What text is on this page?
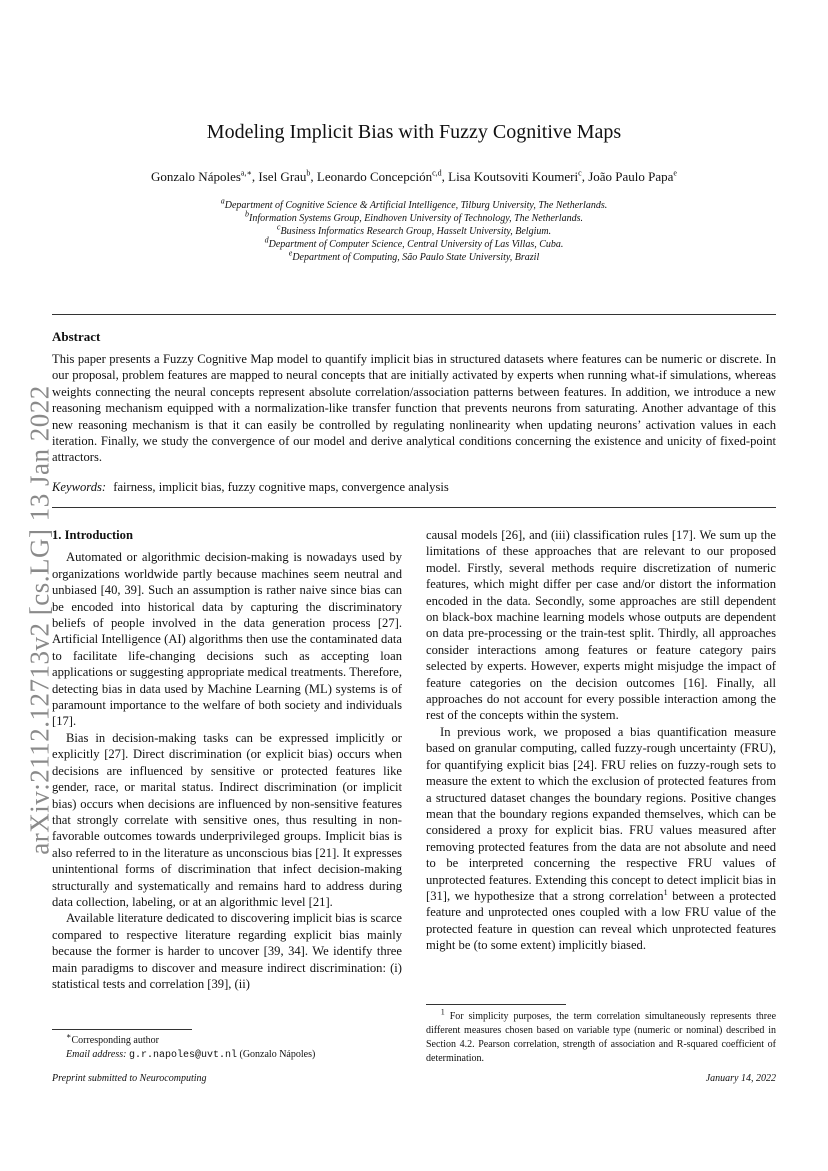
arXiv:2112.12713v2 [cs.LG] 13 Jan 2022
Modeling Implicit Bias with Fuzzy Cognitive Maps
Gonzalo Nápoles$^{a,∗}$, Isel Grau$^b$, Leonardo Concepción$^{c,d}$, Lisa Koutsoviti Koumeri$^c$, João Paulo Papa$^e$
$^a$Department of Cognitive Science & Artificial Intelligence, Tilburg University, The Netherlands.
$^b$Information Systems Group, Eindhoven University of Technology, The Netherlands.
$^c$Business Informatics Research Group, Hasselt University, Belgium.
$^d$Department of Computer Science, Central University of Las Villas, Cuba.
$^e$Department of Computing, São Paulo State University, Brazil
Abstract
This paper presents a Fuzzy Cognitive Map model to quantify implicit bias in structured datasets where features can be numeric or discrete. In our proposal, problem features are mapped to neural concepts that are initially activated by experts when running what-if simulations, whereas weights connecting the neural concepts represent absolute correlation/association patterns between features. In addition, we introduce a new reasoning mechanism equipped with a normalization-like transfer function that prevents neurons from saturating. Another advantage of this new reasoning mechanism is that it can easily be controlled by regulating nonlinearity when updating neurons’ activation values in each iteration. Finally, we study the convergence of our model and derive analytical conditions concerning the existence and unicity of fixed-point attractors.
Keywords: fairness, implicit bias, fuzzy cognitive maps, convergence analysis
1. Introduction

Automated or algorithmic decision-making is nowadays used by organizations worldwide partly because machines seem neutral and unbiased [40, 39]. Such an assumption is rather naive since bias can be encoded into historical data by capturing the discriminatory beliefs of people involved in the data generation process [27]. Artificial Intelligence (AI) algorithms then use the contaminated data to facilitate life-changing decisions such as accepting loan applications or suggesting appropriate medical treatments. Therefore, detecting bias in data used by Machine Learning (ML) systems is of paramount importance to the welfare of both society and individuals [17].

Bias in decision-making tasks can be expressed implicitly or explicitly [27]. Direct discrimination (or explicit bias) occurs when decisions are influenced by sensitive or protected features like gender, race, or marital status. Indirect discrimination (or implicit bias) occurs when decisions are influenced by non-sensitive features that strongly correlate with sensitive ones, thus resulting in non-favorable outcomes towards underprivileged groups. Implicit bias is also referred to in the literature as unconscious bias [21]. It expresses unintentional forms of discrimination that infect decision-making structurally and systematically and remains hard to address during data collection, labeling, or at an algorithmic level [21].

Available literature dedicated to discovering implicit bias is scarce compared to respective literature regarding explicit bias mainly because the former is harder to uncover [39, 34]. We identify three main paradigms to discover and measure indirect discrimination: (i) statistical tests and correlation [39], (ii)

causal models [26], and (iii) classification rules [17]. We sum up the limitations of these approaches that are relevant to our proposed model. Firstly, several methods require discretization of numeric features, which might differ per case and/or distort the information encoded in the data. Secondly, some approaches are still dependent on black-box machine learning models whose outputs are dependent on data pre-processing or the train-test split. Thirdly, all approaches consider interactions among features or feature category pairs selected by experts. However, experts might misjudge the impact of feature categories on the decision outcomes [16]. Finally, all approaches do not account for every possible interaction among the rest of the concepts within the system.

In previous work, we proposed a bias quantification measure based on granular computing, called fuzzy-rough uncertainty (FRU), for quantifying explicit bias [24]. FRU relies on fuzzy-rough sets to measure the extent to which the exclusion of protected features from a structured dataset changes the boundary regions. Positive changes mean that the boundary regions expanded themselves, which can be considered a proxy for explicit bias. FRU values measured after removing protected features from the data are not absolute and need to be interpreted concerning the respective FRU values of unprotected features. Extending this concept to detect implicit bias in [31], we hypothesize that a strong correlation$^1$ between a protected feature and unprotected ones coupled with a low FRU value of the protected feature in question can reveal which unprotected features might be (to some extent) implicitly biased.

∗Corresponding author
Email address: g.r.napoles@uvt.nl (Gonzalo Nápoles)
$^1$ For simplicity purposes, the term correlation simultaneously represents three different measures chosen based on variable type (numeric or nominal) described in Section 4.2. Pearson correlation, strength of association and R-squared coefficient of determination.
Preprint submitted to Neurocomputing	January 14, 2022
